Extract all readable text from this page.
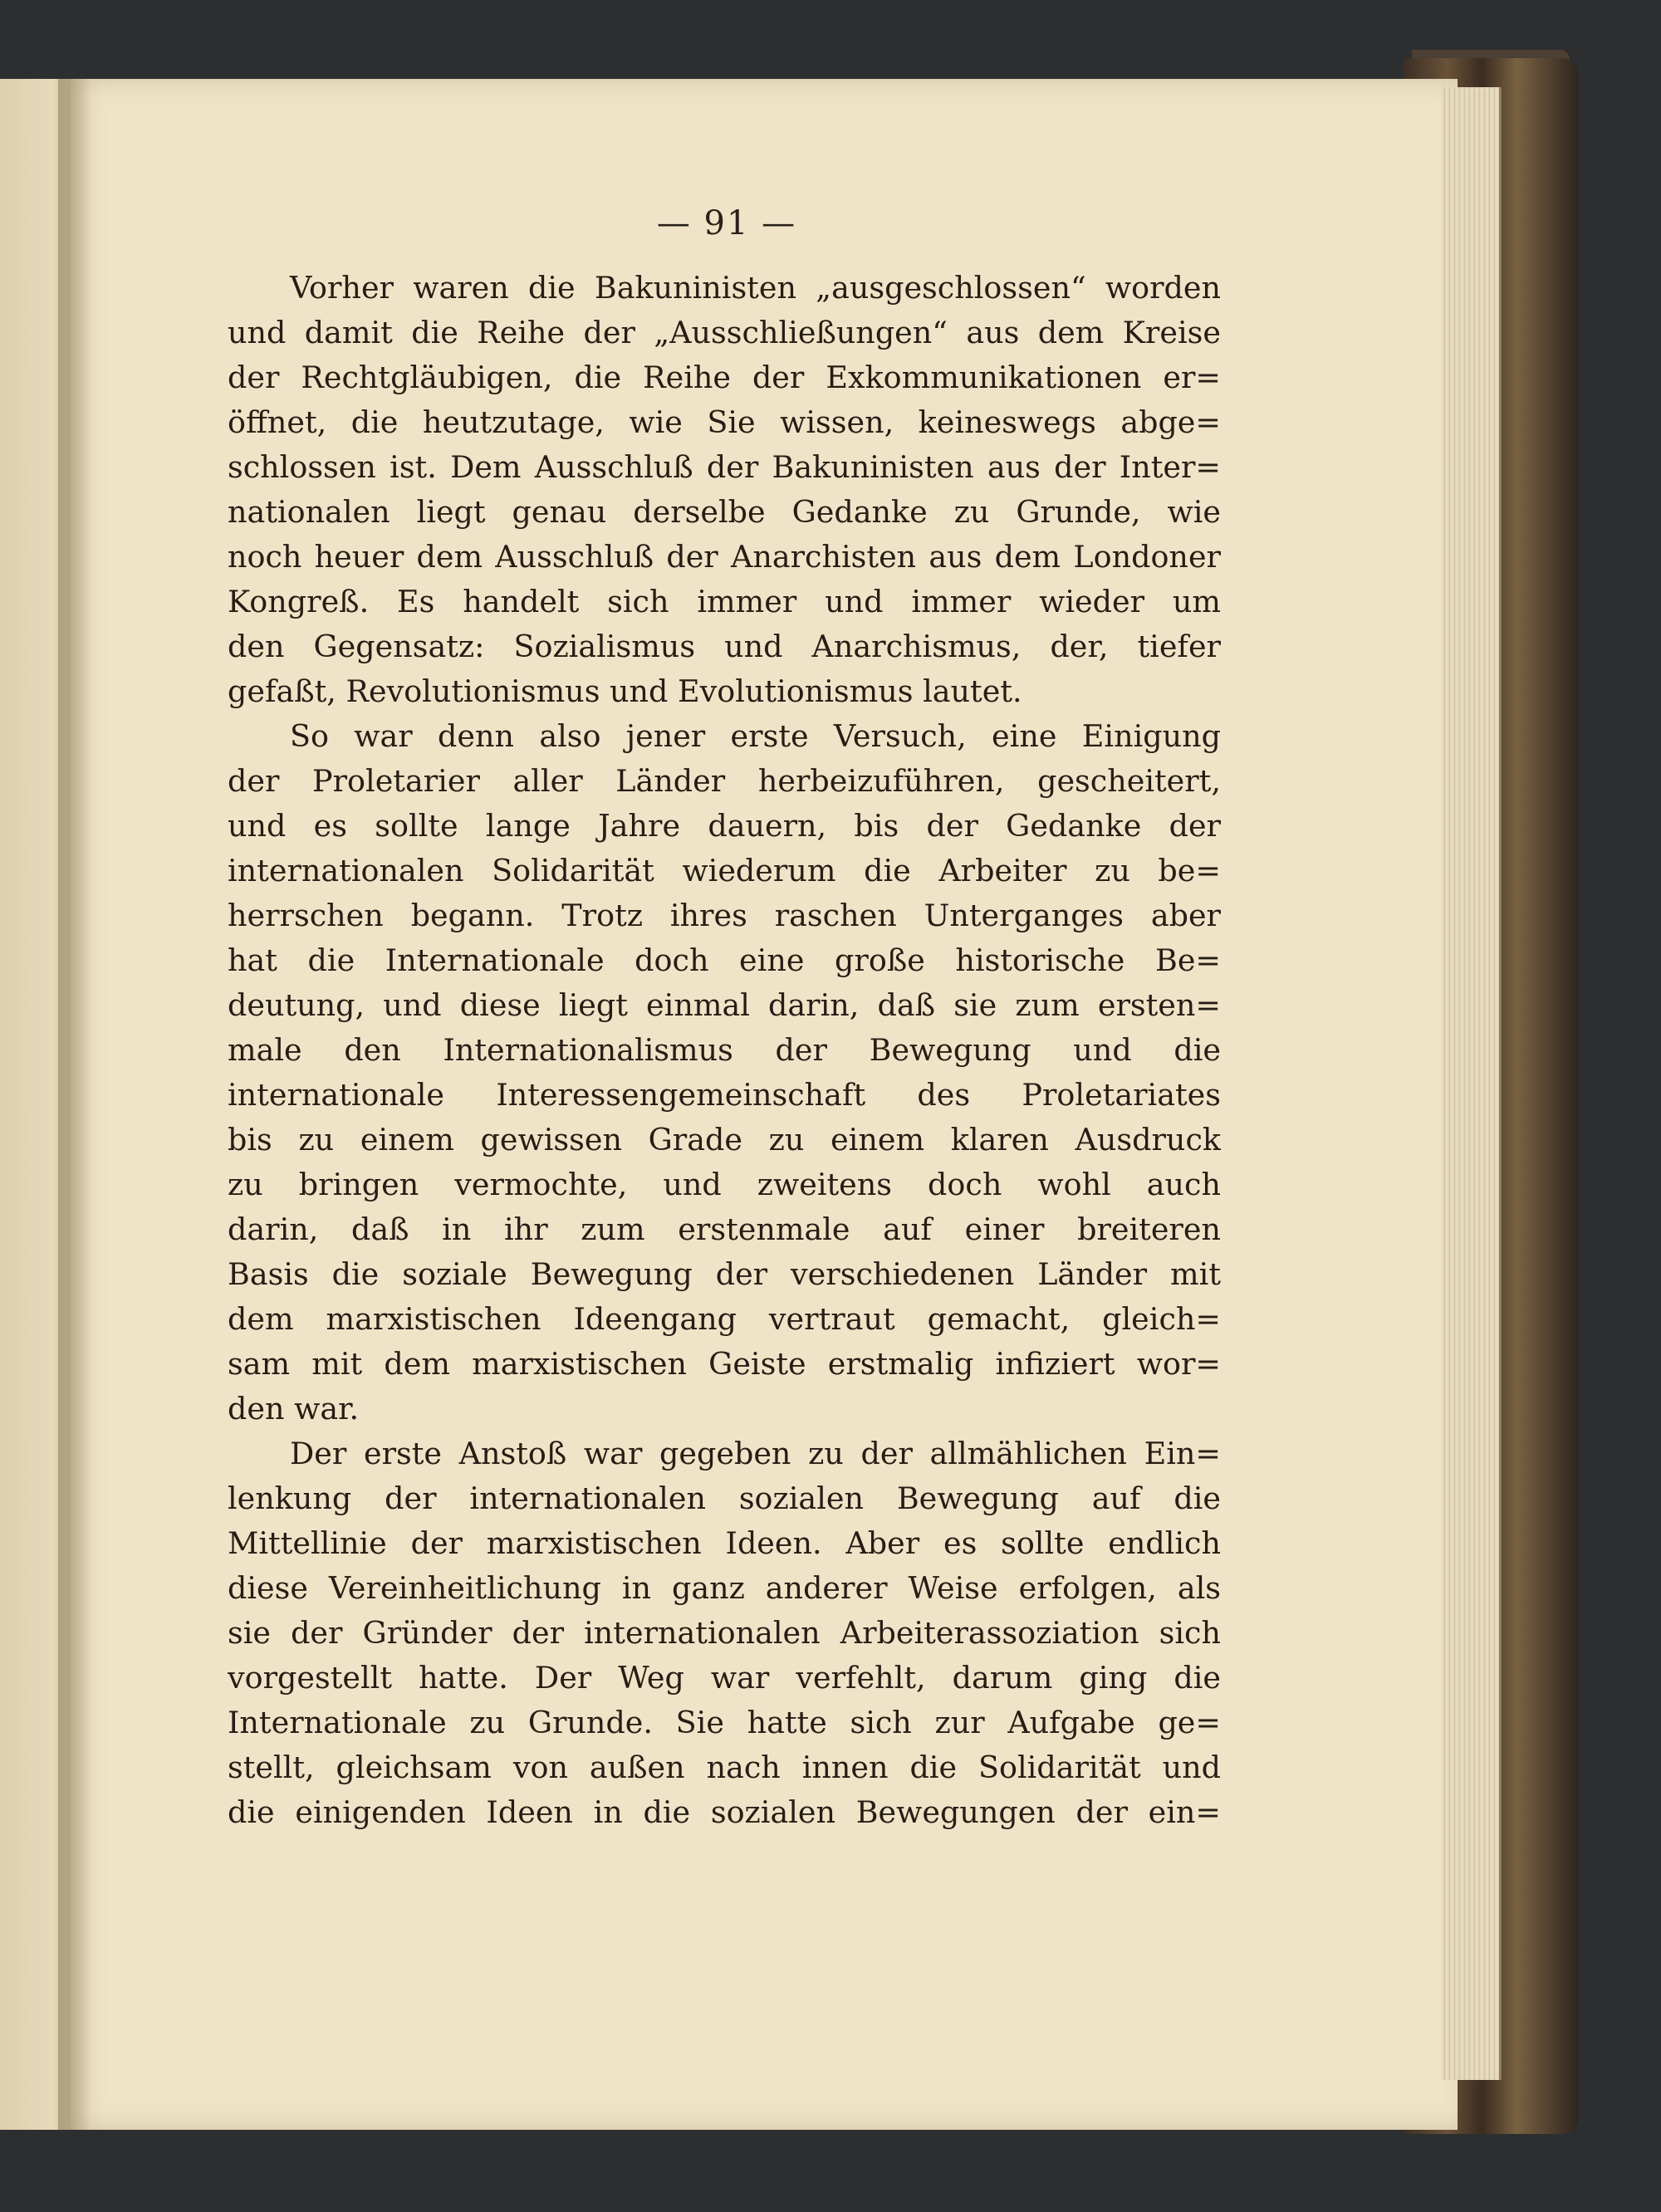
— 91 —
Vorher waren die Bakuninisten „ausgeschlossen“ worden
und damit die Reihe der „Ausschließungen“ aus dem Kreise
der Rechtgläubigen, die Reihe der Exkommunikationen er=
öffnet, die heutzutage, wie Sie wissen, keineswegs abge=
schlossen ist. Dem Ausschluß der Bakuninisten aus der Inter=
nationalen liegt genau derselbe Gedanke zu Grunde, wie
noch heuer dem Ausschluß der Anarchisten aus dem Londoner
Kongreß. Es handelt sich immer und immer wieder um
den Gegensatz: Sozialismus und Anarchismus, der, tiefer
gefaßt, Revolutionismus und Evolutionismus lautet.
So war denn also jener erste Versuch, eine Einigung
der Proletarier aller Länder herbeizuführen, gescheitert,
und es sollte lange Jahre dauern, bis der Gedanke der
internationalen Solidarität wiederum die Arbeiter zu be=
herrschen begann. Trotz ihres raschen Unterganges aber
hat die Internationale doch eine große historische Be=
deutung, und diese liegt einmal darin, daß sie zum ersten=
male den Internationalismus der Bewegung und die
internationale Interessengemeinschaft des Proletariates
bis zu einem gewissen Grade zu einem klaren Ausdruck
zu bringen vermochte, und zweitens doch wohl auch
darin, daß in ihr zum erstenmale auf einer breiteren
Basis die soziale Bewegung der verschiedenen Länder mit
dem marxistischen Ideengang vertraut gemacht, gleich=
sam mit dem marxistischen Geiste erstmalig infiziert wor=
den war.
Der erste Anstoß war gegeben zu der allmählichen Ein=
lenkung der internationalen sozialen Bewegung auf die
Mittellinie der marxistischen Ideen. Aber es sollte endlich
diese Vereinheitlichung in ganz anderer Weise erfolgen, als
sie der Gründer der internationalen Arbeiterassoziation sich
vorgestellt hatte. Der Weg war verfehlt, darum ging die
Internationale zu Grunde. Sie hatte sich zur Aufgabe ge=
stellt, gleichsam von außen nach innen die Solidarität und
die einigenden Ideen in die sozialen Bewegungen der ein=
